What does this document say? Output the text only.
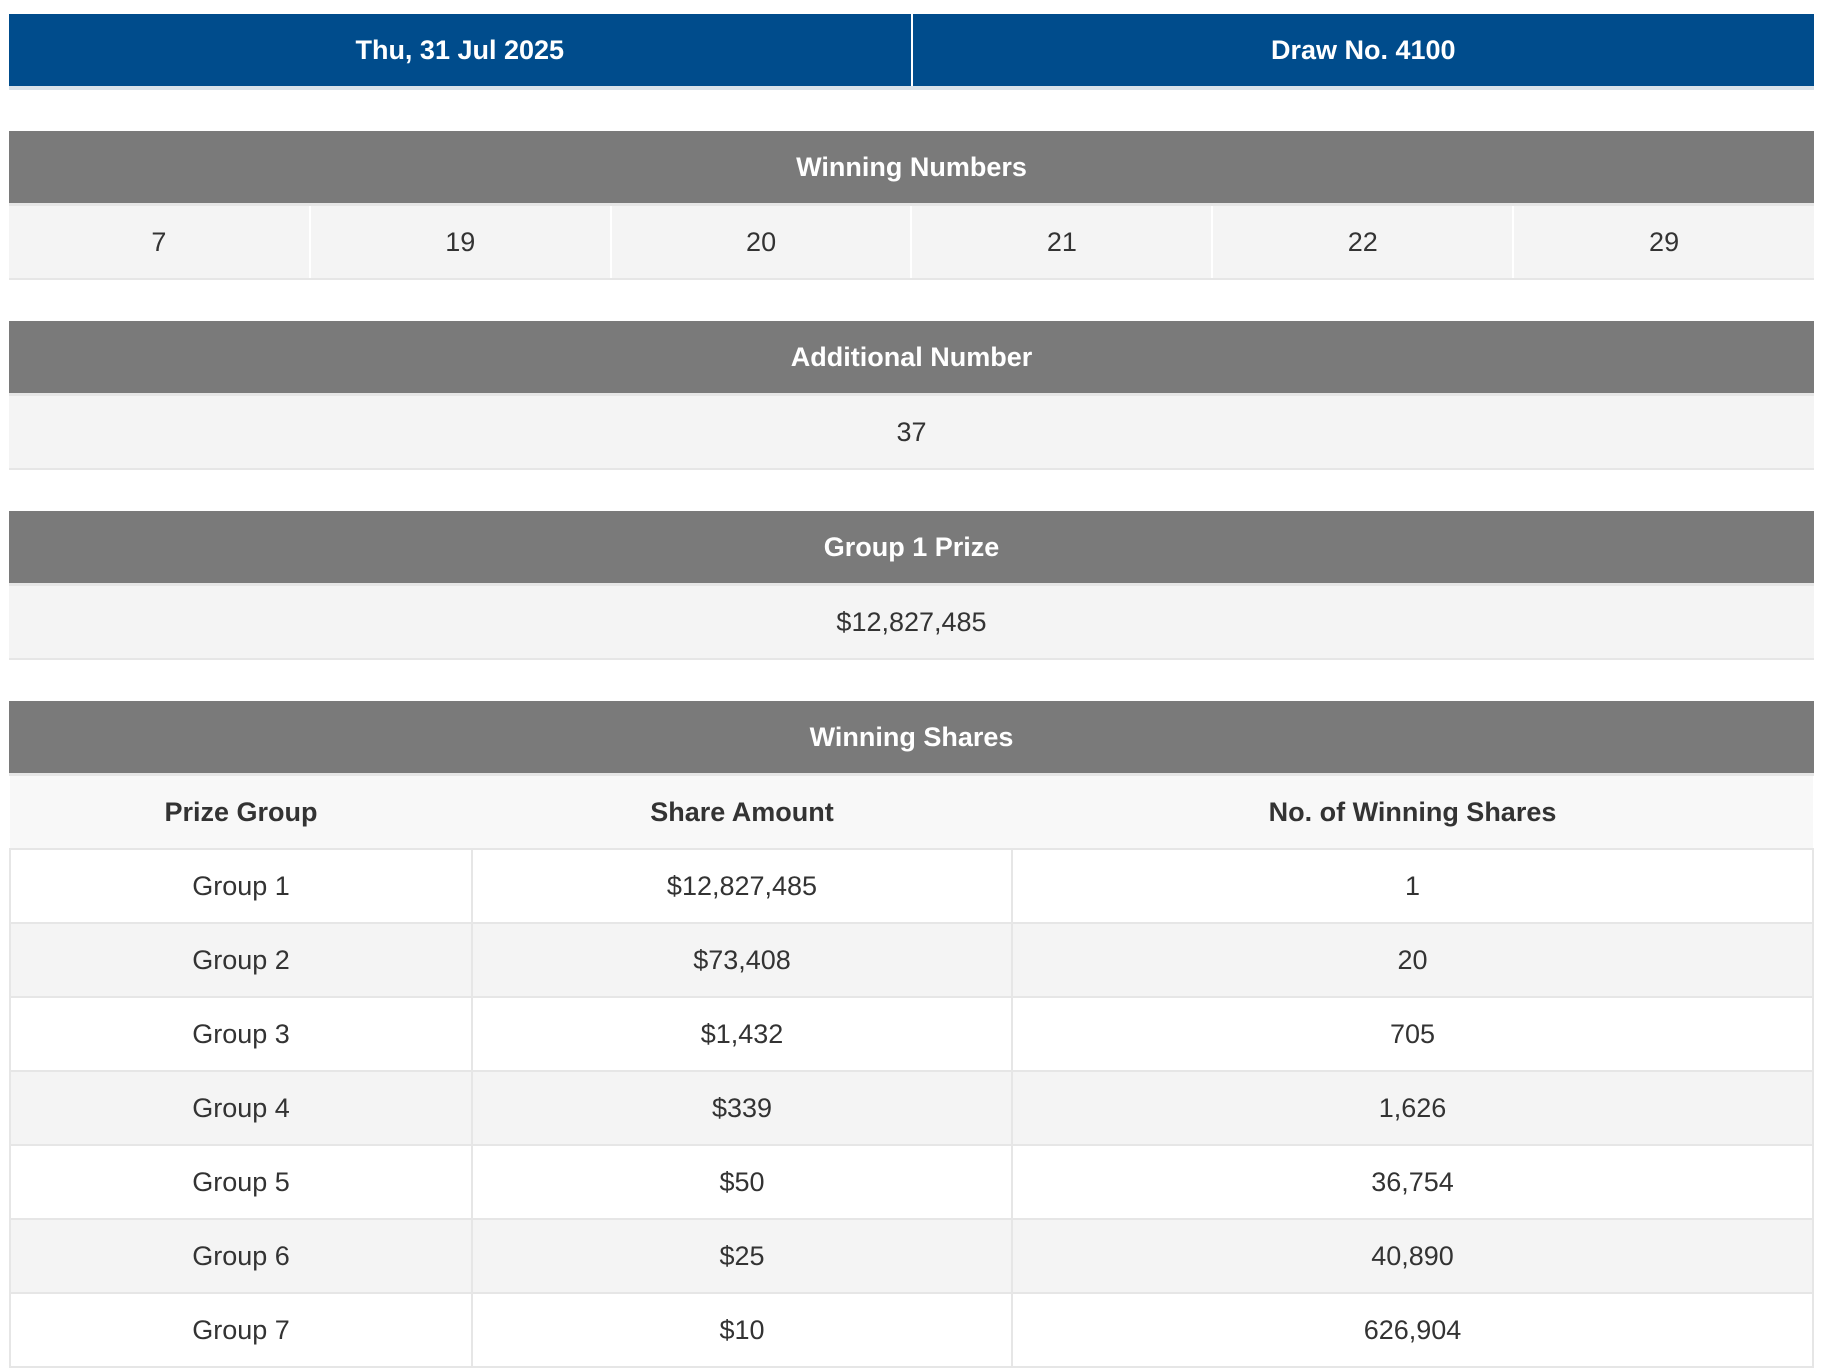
Thu, 31 Jul 2025	Draw No. 4100
Winning Numbers
7	19	20	21	22	29
Additional Number
37
Group 1 Prize
$12,827,485
Winning Shares
Prize Group	Share Amount	No. of Winning Shares
Group 1	$12,827,485	1
Group 2	$73,408	20
Group 3	$1,432	705
Group 4	$339	1,626
Group 5	$50	36,754
Group 6	$25	40,890
Group 7	$10	626,904
